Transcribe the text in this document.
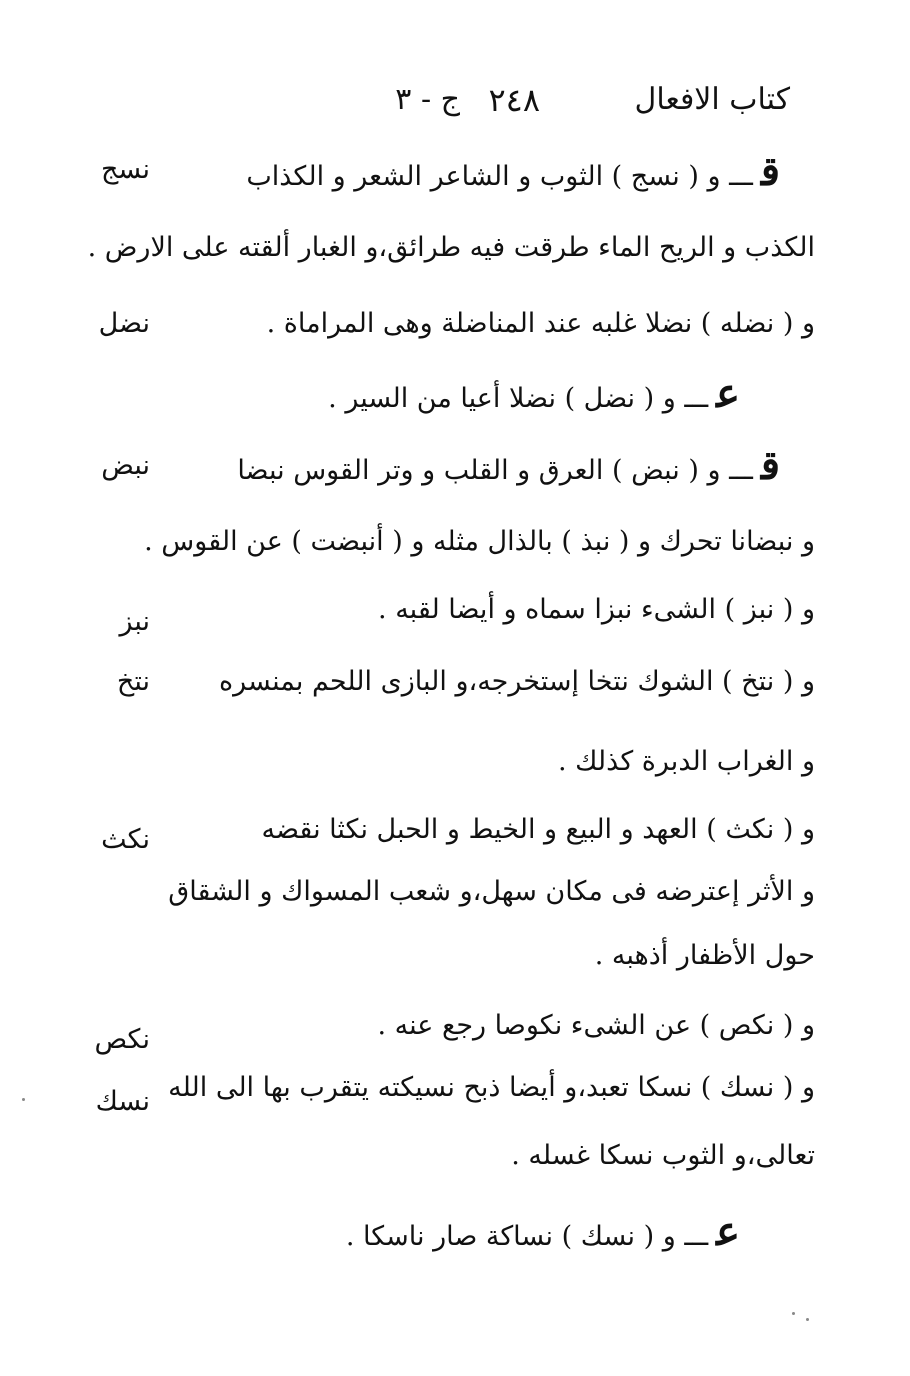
كتاب الافعال
٢٤٨
ج - ٣
نسج
نضل
نبض
نبز
نتخ
نكث
نكص
نسك
قـــ و ( نسج ) الثوب و الشاعر الشعر و الكذاب
الكذب و الريح الماء طرقت فيه طرائق،و الغبار ألقته على الارض .
و ( نضله ) نضلا غلبه عند المناضلة وهى المراماة .
عـــ و ( نضل ) نضلا أعيا من السير .
قـــ و ( نبض ) العرق و القلب و وتر القوس نبضا
و نبضانا تحرك و ( نبذ ) بالذال مثله و ( أنبضت ) عن القوس .
و ( نبز ) الشىء نبزا سماه و أيضا لقبه .
و ( نتخ ) الشوك نتخا إستخرجه،و البازى اللحم بمنسره
و الغراب الدبرة كذلك .
و ( نكث ) العهد و البيع و الخيط و الحبل نكثا نقضه
و الأثر إعترضه فى مكان سهل،و شعب المسواك و الشقاق
حول الأظفار أذهبه .
و ( نكص ) عن الشىء نكوصا رجع عنه .
و ( نسك ) نسكا تعبد،و أيضا ذبح نسيكته يتقرب بها الى الله
تعالى،و الثوب نسكا غسله .
عـــ و ( نسك ) نساكة صار ناسكا .
